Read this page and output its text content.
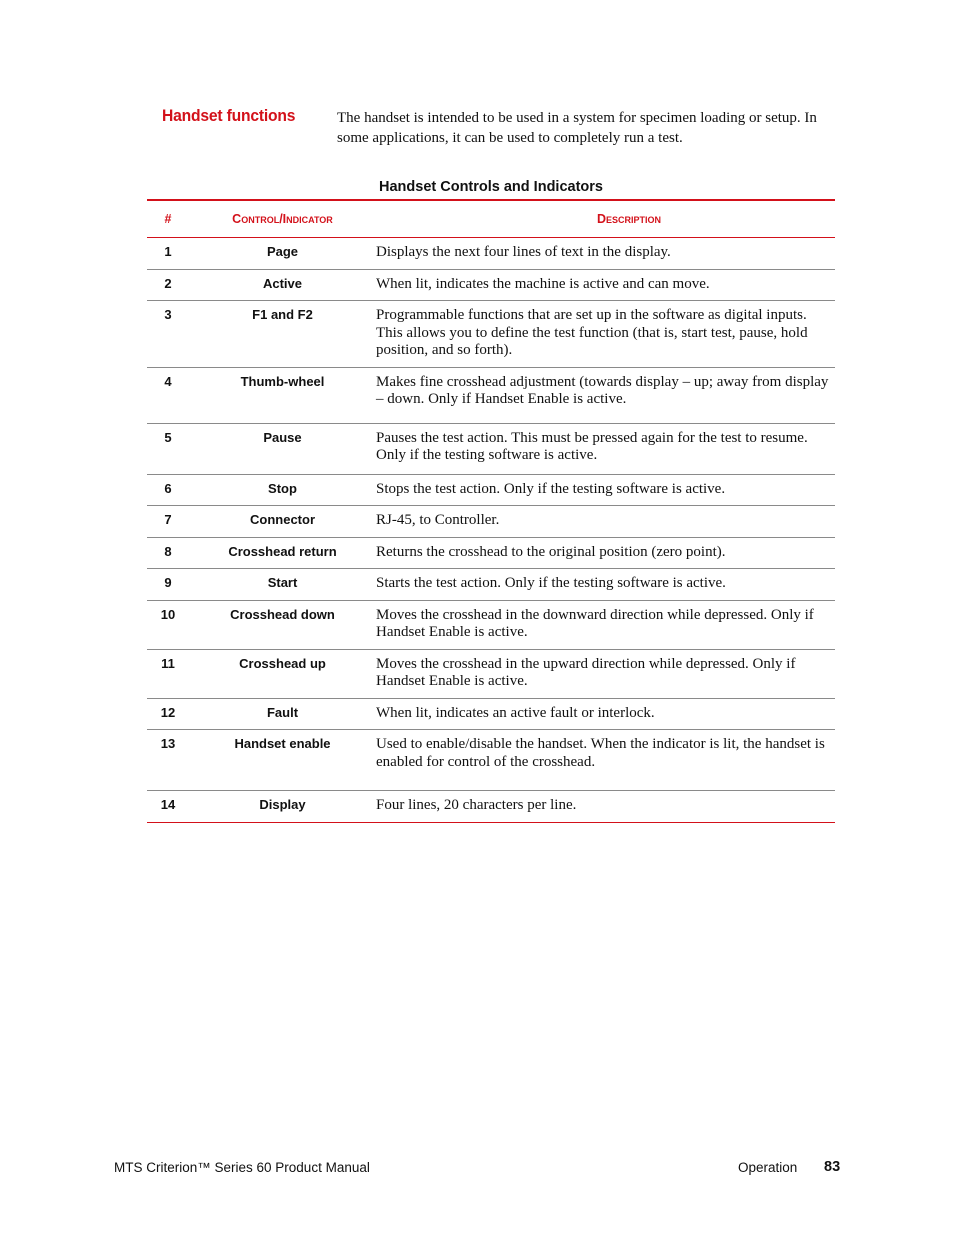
Handset functions	The handset is intended to be used in a system for specimen loading or setup. In some applications, it can be used to completely run a test.
Handset Controls and Indicators
#	Control/Indicator	Description
1	Page	Displays the next four lines of text in the display.
2	Active	When lit, indicates the machine is active and can move.
3	F1 and F2	Programmable functions that are set up in the software as digital inputs. This allows you to define the test function (that is, start test, pause, hold position, and so forth).
4	Thumb-wheel	Makes fine crosshead adjustment (towards display – up; away from display – down. Only if Handset Enable is active.
5	Pause	Pauses the test action. This must be pressed again for the test to resume. Only if the testing software is active.
6	Stop	Stops the test action. Only if the testing software is active.
7	Connector	RJ-45, to Controller.
8	Crosshead return	Returns the crosshead to the original position (zero point).
9	Start	Starts the test action. Only if the testing software is active.
10	Crosshead down	Moves the crosshead in the downward direction while depressed. Only if Handset Enable is active.
11	Crosshead up	Moves the crosshead in the upward direction while depressed. Only if Handset Enable is active.
12	Fault	When lit, indicates an active fault or interlock.
13	Handset enable	Used to enable/disable the handset. When the indicator is lit, the handset is enabled for control of the crosshead.
14	Display	Four lines, 20 characters per line.
MTS Criterion™ Series 60 Product Manual	Operation 83
